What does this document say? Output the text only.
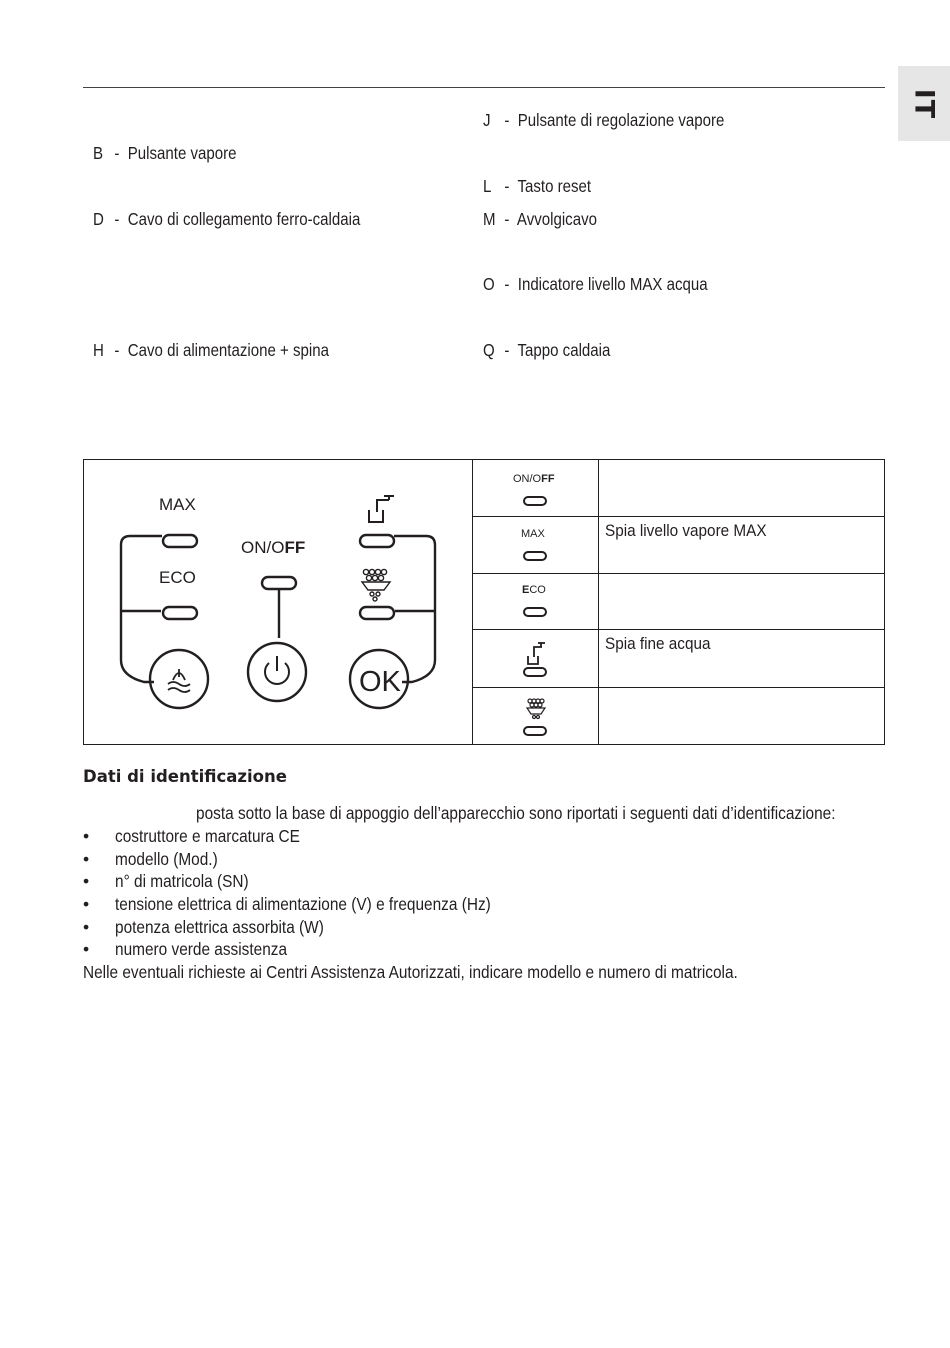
IT
B -  Pulsante vapore
D -  Cavo di collegamento ferro-caldaia
H -  Cavo di alimentazione + spina
J -  Pulsante di regolazione vapore
L -  Tasto reset
M -  Avvolgicavo
O -  Indicatore livello MAX acqua
Q -  Tappo caldaia
MAX
ECO
ON/OFF
OK
ON/OFF
MAX	Spia livello vapore MAX
ECO
Spia fine acqua
Dati di identificazione
posta sotto la base di appoggio dell’apparecchio sono riportati i seguenti dati d’identificazione:
• costruttore e marcatura CE
• modello (Mod.)
• n° di matricola (SN)
• tensione elettrica di alimentazione (V) e frequenza (Hz)
• potenza elettrica assorbita (W)
• numero verde assistenza
Nelle eventuali richieste ai Centri Assistenza Autorizzati, indicare modello e numero di matricola.
